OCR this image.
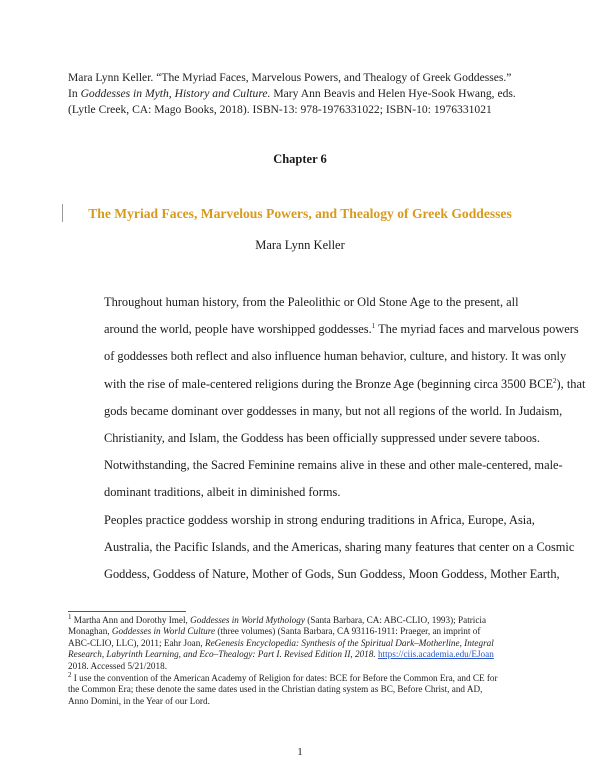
Mara Lynn Keller. “The Myriad Faces, Marvelous Powers, and Thealogy of Greek Goddesses.”
In Goddesses in Myth, History and Culture. Mary Ann Beavis and Helen Hye-Sook Hwang, eds.
(Lytle Creek, CA: Mago Books, 2018). ISBN-13: 978-1976331022; ISBN-10: 1976331021
Chapter 6
The Myriad Faces, Marvelous Powers, and Thealogy of Greek Goddesses
Mara Lynn Keller

Throughout human history, from the Paleolithic or Old Stone Age to the present, all
around the world, people have worshipped goddesses.$^1$ The myriad faces and marvelous powers
of goddesses both reflect and also influence human behavior, culture, and history. It was only
with the rise of male-centered religions during the Bronze Age (beginning circa 3500 BCE$^2$), that
gods became dominant over goddesses in many, but not all regions of the world. In Judaism,
Christianity, and Islam, the Goddess has been officially suppressed under severe taboos.
Notwithstanding, the Sacred Feminine remains alive in these and other male-centered, male-
dominant traditions, albeit in diminished forms.

Peoples practice goddess worship in strong enduring traditions in Africa, Europe, Asia,
Australia, the Pacific Islands, and the Americas, sharing many features that center on a Cosmic
Goddess, Goddess of Nature, Mother of Gods, Sun Goddess, Moon Goddess, Mother Earth,

$^1$ Martha Ann and Dorothy Imel, Goddesses in World Mythology (Santa Barbara, CA: ABC-CLIO, 1993); Patricia
Monaghan, Goddesses in World Culture (three volumes) (Santa Barbara, CA 93116-1911: Praeger, an imprint of
ABC-CLIO, LLC), 2011; Eahr Joan, ReGenesis Encyclopedia: Synthesis of the Spiritual Dark–Motherline, Integral
Research, Labyrinth Learning, and Eco–Thealogy: Part I. Revised Edition II, 2018. https://ciis.academia.edu/EJoan
2018. Accessed 5/21/2018.
$^2$ I use the convention of the American Academy of Religion for dates: BCE for Before the Common Era, and CE for
the Common Era; these denote the same dates used in the Christian dating system as BC, Before Christ, and AD,
Anno Domini, in the Year of our Lord.
1
